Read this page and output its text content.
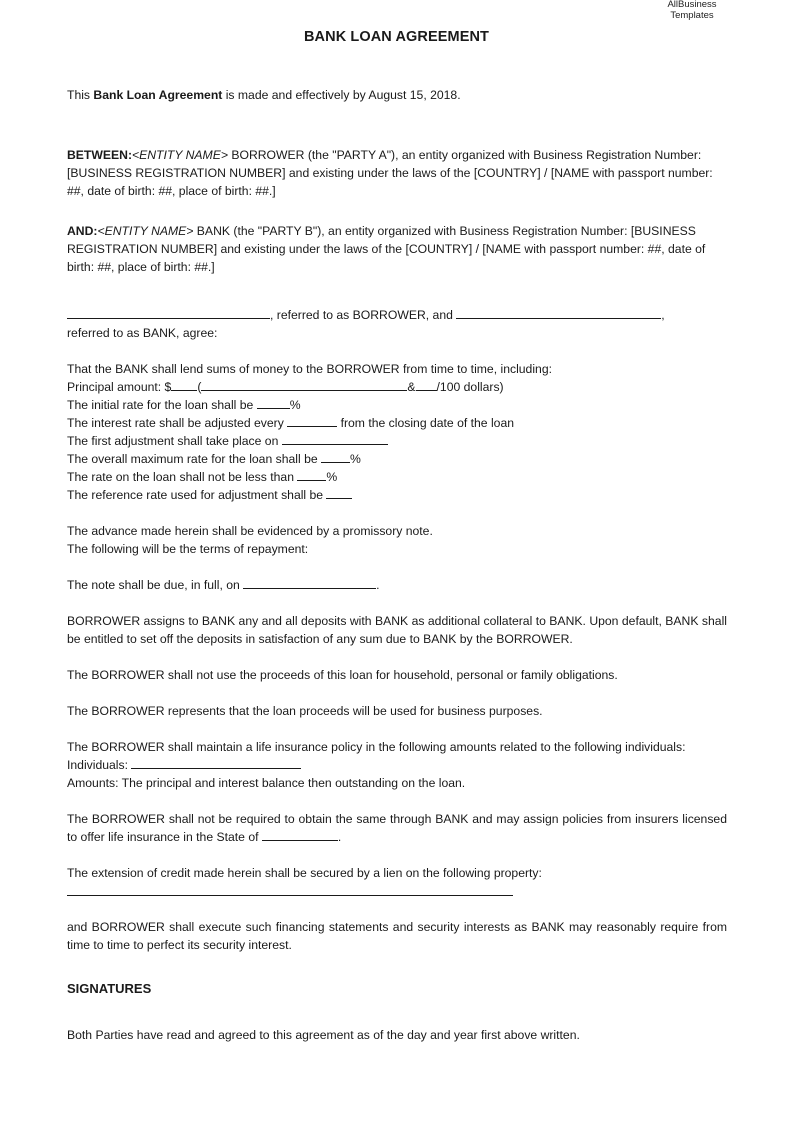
AllBusiness
Templates
BANK LOAN AGREEMENT

This Bank Loan Agreement is made and effectively by August 15, 2018.

BETWEEN:<ENTITY NAME> BORROWER (the "PARTY A"), an entity organized with Business Registration Number: [BUSINESS REGISTRATION NUMBER] and existing under the laws of the [COUNTRY] / [NAME with passport number: ##, date of birth: ##, place of birth: ##.]

AND:<ENTITY NAME> BANK (the "PARTY B"), an entity organized with Business Registration Number: [BUSINESS REGISTRATION NUMBER] and existing under the laws of the [COUNTRY] / [NAME with passport number: ##, date of birth: ##, place of birth: ##.]

, referred to as BORROWER, and	,
referred to as BANK, agree:

That the BANK shall lend sums of money to the BORROWER from time to time, including:
Principal amount: $ (	& /100 dollars)
The initial rate for the loan shall be	%
The interest rate shall be adjusted every	from the closing date of the loan
The first adjustment shall take place on
The overall maximum rate for the loan shall be %
The rate on the loan shall not be less than %
The reference rate used for adjustment shall be
The advance made herein shall be evidenced by a promissory note.
The following will be the terms of repayment:

The note shall be due, in full, on	.

BORROWER assigns to BANK any and all deposits with BANK as additional collateral to BANK. Upon default, BANK shall be entitled to set off the deposits in satisfaction of any sum due to BANK by the BORROWER.

The BORROWER shall not use the proceeds of this loan for household, personal or family obligations.

The BORROWER represents that the loan proceeds will be used for business purposes.

The BORROWER shall maintain a life insurance policy in the following amounts related to the following individuals:
Individuals:
Amounts: The principal and interest balance then outstanding on the loan.

The BORROWER shall not be required to obtain the same through BANK and may assign policies from insurers licensed to offer life insurance in the State of	.

The extension of credit made herein shall be secured by a lien on the following property:

and BORROWER shall execute such financing statements and security interests as BANK may reasonably require from time to time to perfect its security interest.

SIGNATURES

Both Parties have read and agreed to this agreement as of the day and year first above written.
